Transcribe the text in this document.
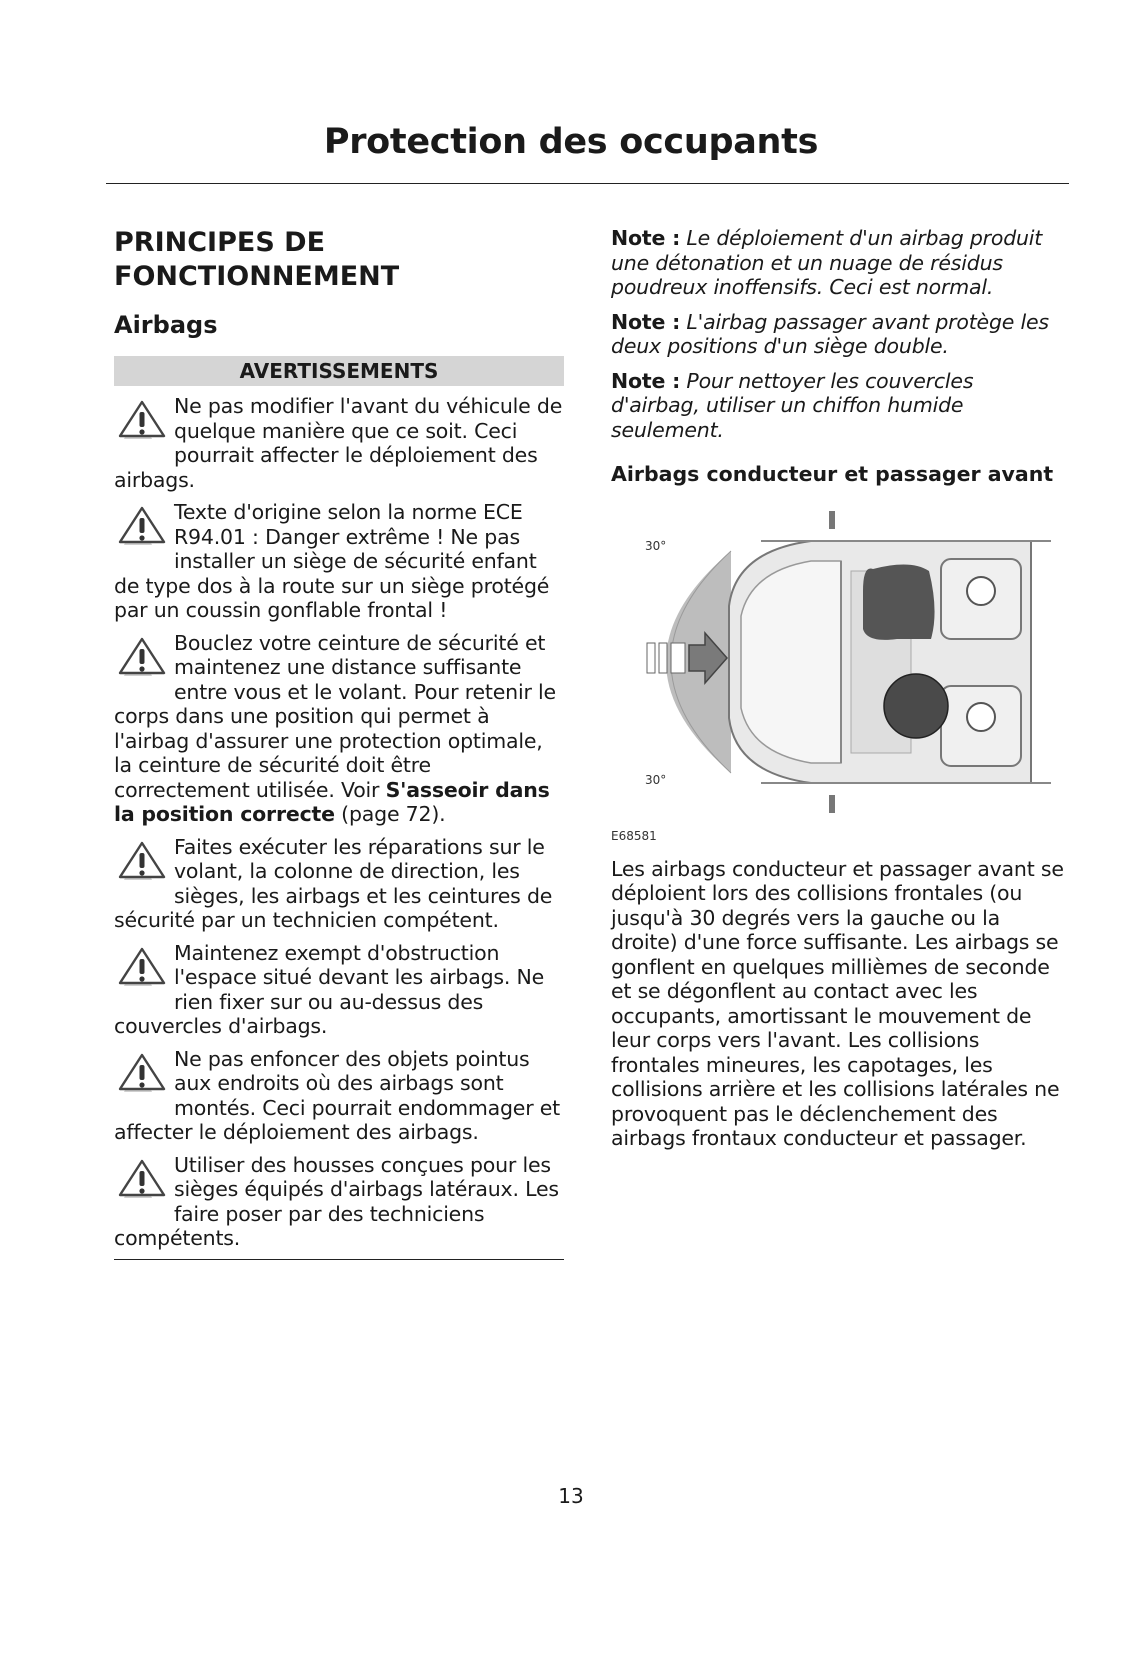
Protection des occupants
PRINCIPES DE FONCTIONNEMENT
Airbags
AVERTISSEMENTS
Ne pas modifier l'avant du véhicule de quelque manière que ce soit. Ceci pourrait affecter le déploiement des airbags.
Texte d'origine selon la norme ECE R94.01 : Danger extrême ! Ne pas installer un siège de sécurité enfant de type dos à la route sur un siège protégé par un coussin gonflable frontal !
Bouclez votre ceinture de sécurité et maintenez une distance suffisante entre vous et le volant. Pour retenir le corps dans une position qui permet à l'airbag d'assurer une protection optimale, la ceinture de sécurité doit être correctement utilisée. Voir S'asseoir dans la position correcte (page 72).
Faites exécuter les réparations sur le volant, la colonne de direction, les sièges, les airbags et les ceintures de sécurité par un technicien compétent.
Maintenez exempt d'obstruction l'espace situé devant les airbags. Ne rien fixer sur ou au-dessus des couvercles d'airbags.
Ne pas enfoncer des objets pointus aux endroits où des airbags sont montés. Ceci pourrait endommager et affecter le déploiement des airbags.
Utiliser des housses conçues pour les sièges équipés d'airbags latéraux. Les faire poser par des techniciens compétents.

Note : Le déploiement d'un airbag produit une détonation et un nuage de résidus poudreux inoffensifs. Ceci est normal.

Note : L'airbag passager avant protège les deux positions d'un siège double.

Note : Pour nettoyer les couvercles d'airbag, utiliser un chiffon humide seulement.

Airbags conducteur et passager avant
30°
30°
E68581
Les airbags conducteur et passager avant se déploient lors des collisions frontales (ou jusqu'à 30 degrés vers la gauche ou la droite) d'une force suffisante. Les airbags se gonflent en quelques millièmes de seconde et se dégonflent au contact avec les occupants, amortissant le mouvement de leur corps vers l'avant. Les collisions frontales mineures, les capotages, les collisions arrière et les collisions latérales ne provoquent pas le déclenchement des airbags frontaux conducteur et passager.
13
